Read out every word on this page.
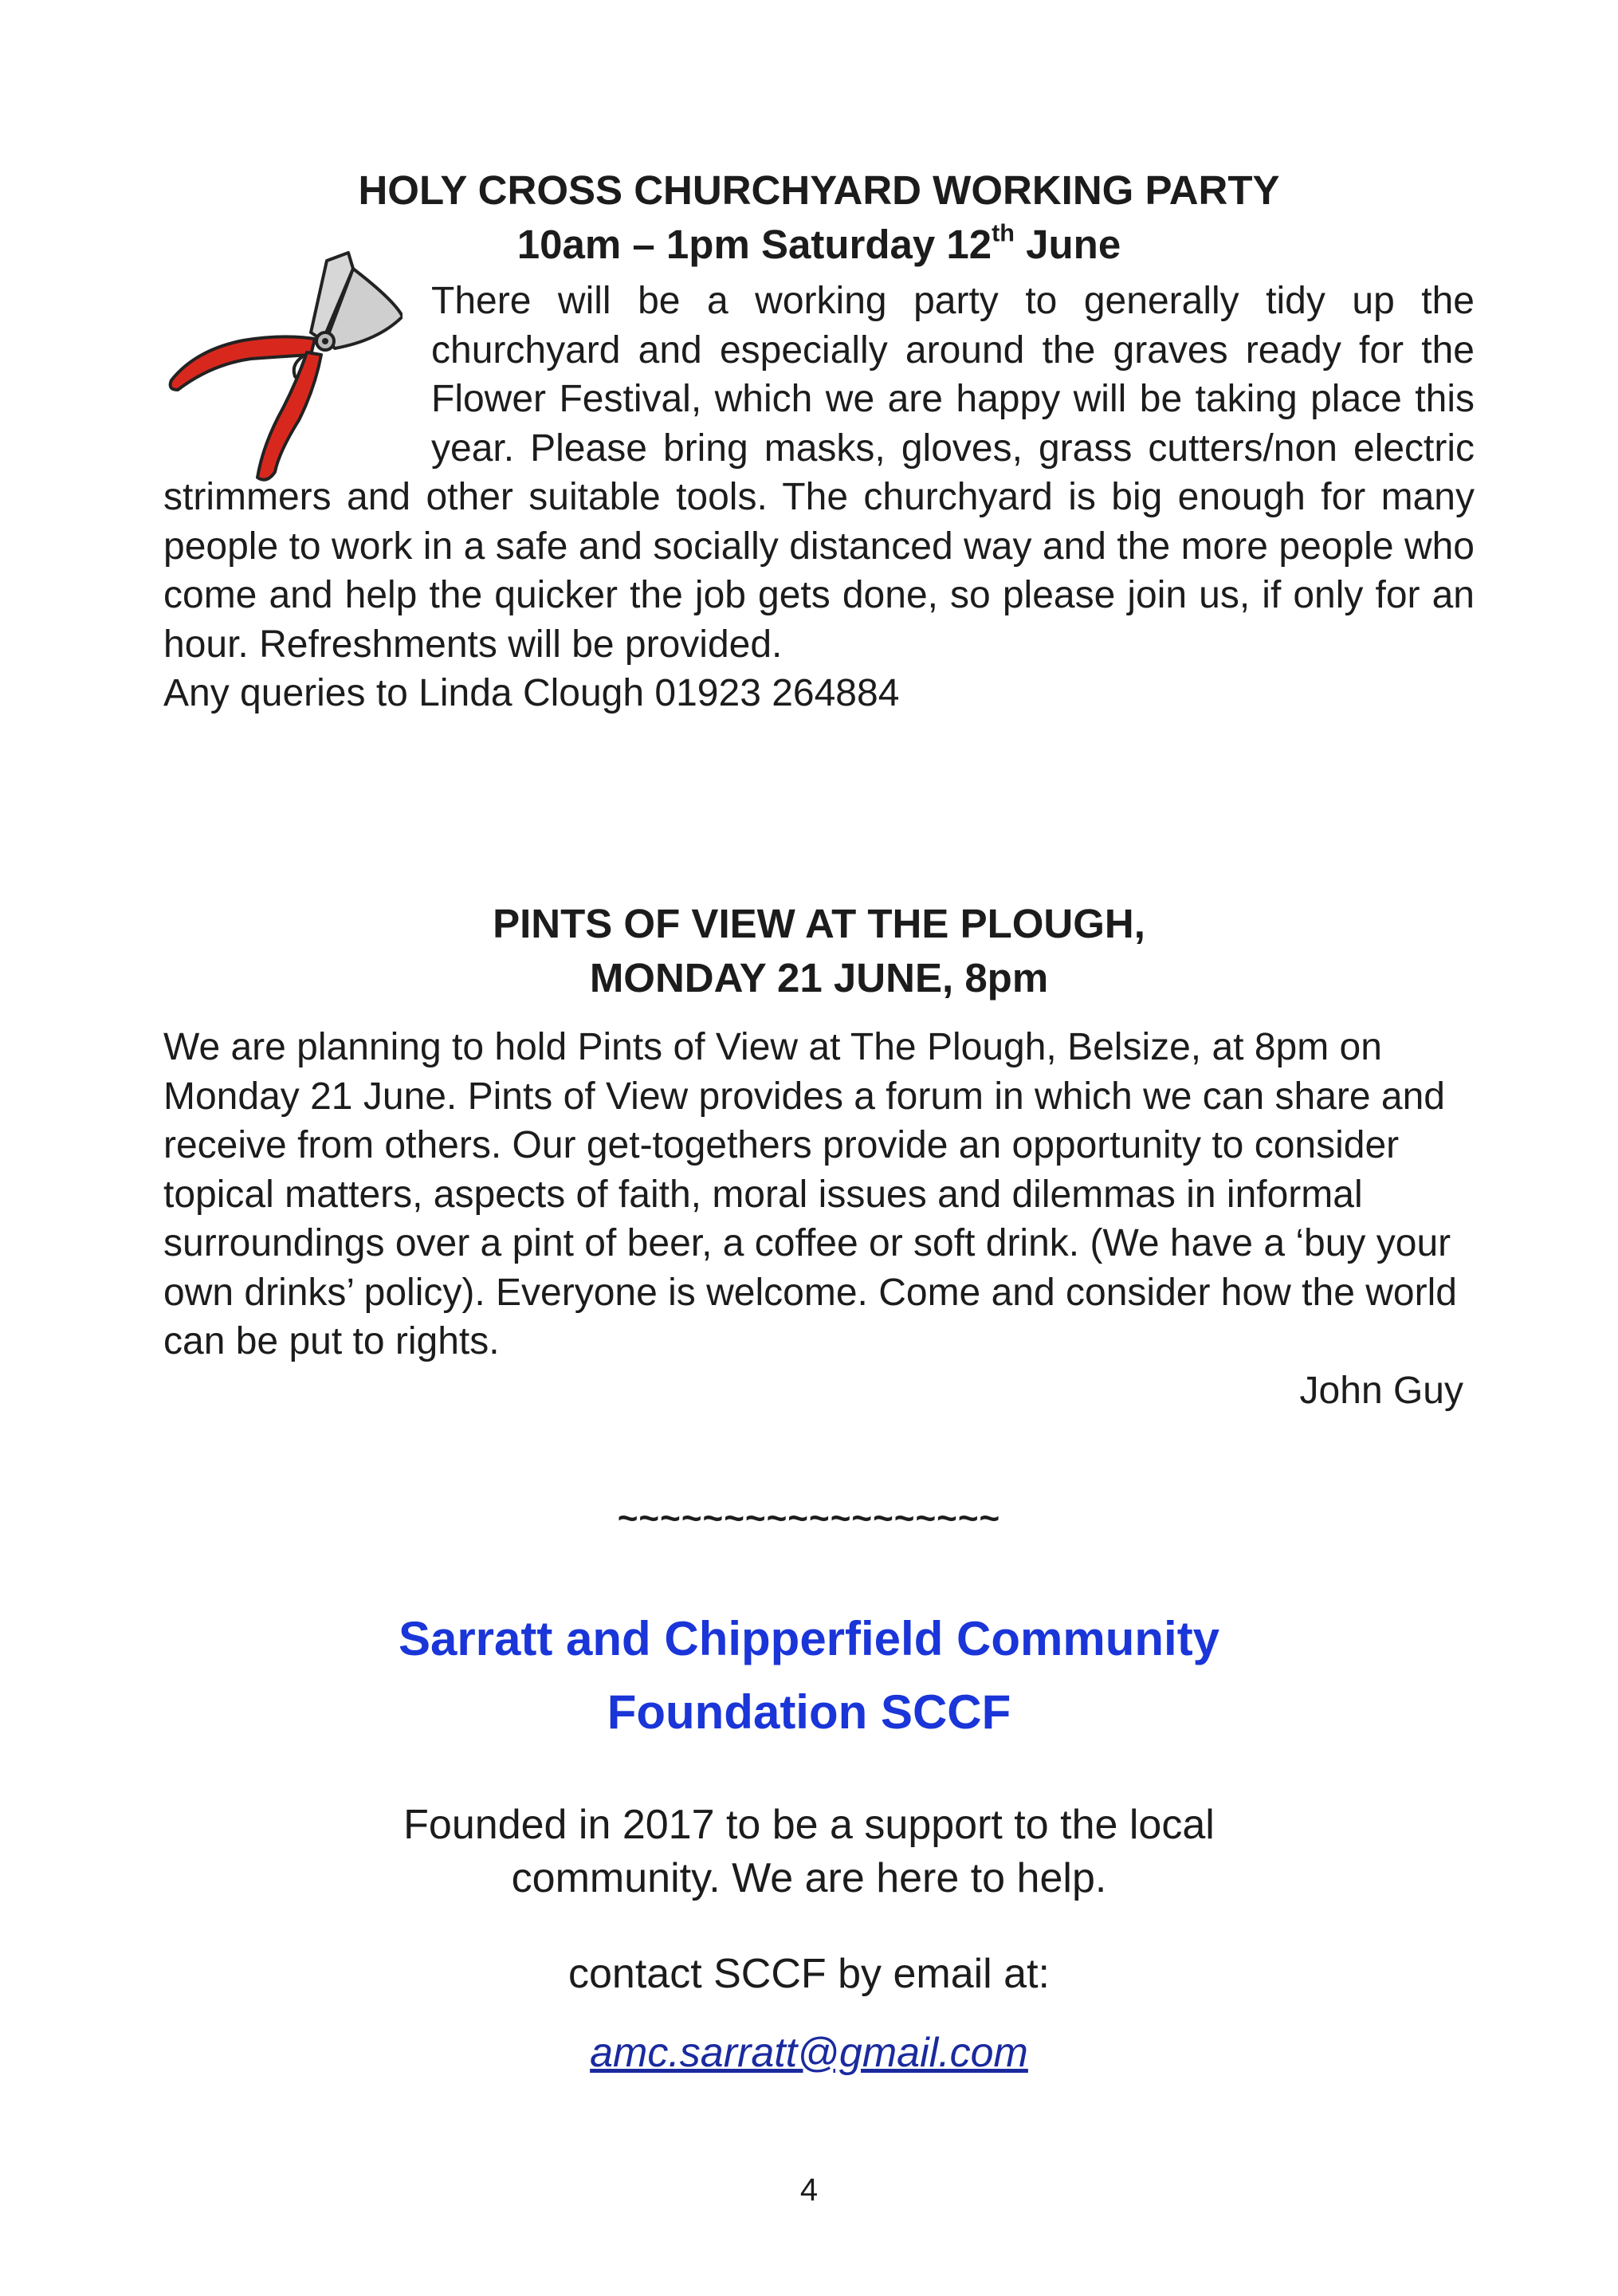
HOLY CROSS CHURCHYARD WORKING PARTY

10am – 1pm Saturday 12th June

There will be a working party to generally tidy up the churchyard and especially around the graves ready for the Flower Festival, which we are happy will be taking place this year. Please bring masks, gloves, grass cutters/non electric strimmers and other suitable tools. The churchyard is big enough for many people to work in a safe and socially distanced way and the more people who come and help the quicker the job gets done, so please join us, if only for an hour. Refreshments will be provided.

Any queries to Linda Clough 01923 264884

PINTS OF VIEW AT THE PLOUGH,

MONDAY 21 JUNE, 8pm

We are planning to hold Pints of View at The Plough, Belsize, at 8pm on Monday 21 June. Pints of View provides a forum in which we can share and receive from others. Our get-togethers provide an opportunity to consider topical matters, aspects of faith, moral issues and dilemmas in informal surroundings over a pint of beer, a coffee or soft drink. (We have a ‘buy your own drinks’ policy). Everyone is welcome. Come and consider how the world can be put to rights.

John Guy

~~~~~~~~~~~~~~~~~~

Sarratt and Chipperfield Community

Foundation SCCF

Founded in 2017 to be a support to the local

community. We are here to help.

contact SCCF by email at:

amc.sarratt@gmail.com
4
